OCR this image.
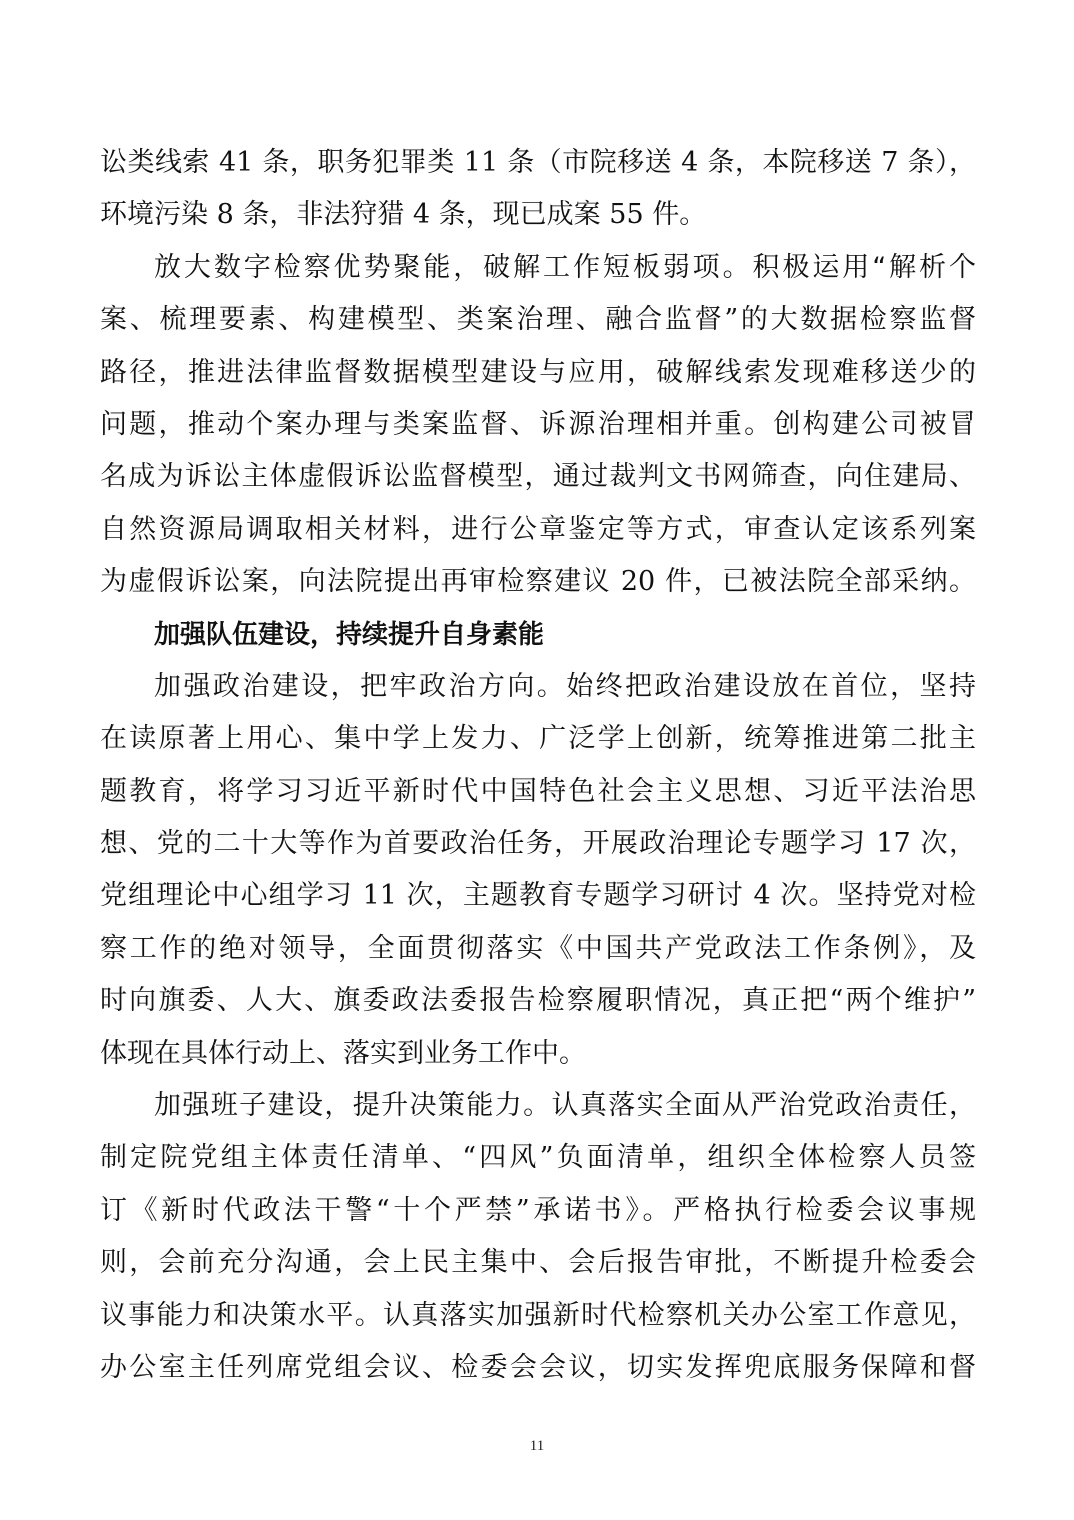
讼类线索 41 条，职务犯罪类 11 条（市院移送 4 条，本院移送 7 条），
环境污染 8 条，非法狩猎 4 条，现已成案 55 件。
放大数字检察优势聚能，破解工作短板弱项。积极运用“解析个
案、梳理要素、构建模型、类案治理、融合监督”的大数据检察监督
路径，推进法律监督数据模型建设与应用，破解线索发现难移送少的
问题，推动个案办理与类案监督、诉源治理相并重。创构建公司被冒
名成为诉讼主体虚假诉讼监督模型，通过裁判文书网筛查，向住建局、
自然资源局调取相关材料，进行公章鉴定等方式，审查认定该系列案
为虚假诉讼案，向法院提出再审检察建议 20 件，已被法院全部采纳。
加强队伍建设，持续提升自身素能
加强政治建设，把牢政治方向。始终把政治建设放在首位，坚持
在读原著上用心、集中学上发力、广泛学上创新，统筹推进第二批主
题教育，将学习习近平新时代中国特色社会主义思想、习近平法治思
想、党的二十大等作为首要政治任务，开展政治理论专题学习 17 次，
党组理论中心组学习 11 次，主题教育专题学习研讨 4 次。坚持党对检
察工作的绝对领导，全面贯彻落实《中国共产党政法工作条例》，及
时向旗委、人大、旗委政法委报告检察履职情况，真正把“两个维护”
体现在具体行动上、落实到业务工作中。
加强班子建设，提升决策能力。认真落实全面从严治党政治责任，
制定院党组主体责任清单、“四风”负面清单，组织全体检察人员签
订《新时代政法干警“十个严禁”承诺书》。严格执行检委会议事规
则，会前充分沟通，会上民主集中、会后报告审批，不断提升检委会
议事能力和决策水平。认真落实加强新时代检察机关办公室工作意见，
办公室主任列席党组会议、检委会会议，切实发挥兜底服务保障和督
11
